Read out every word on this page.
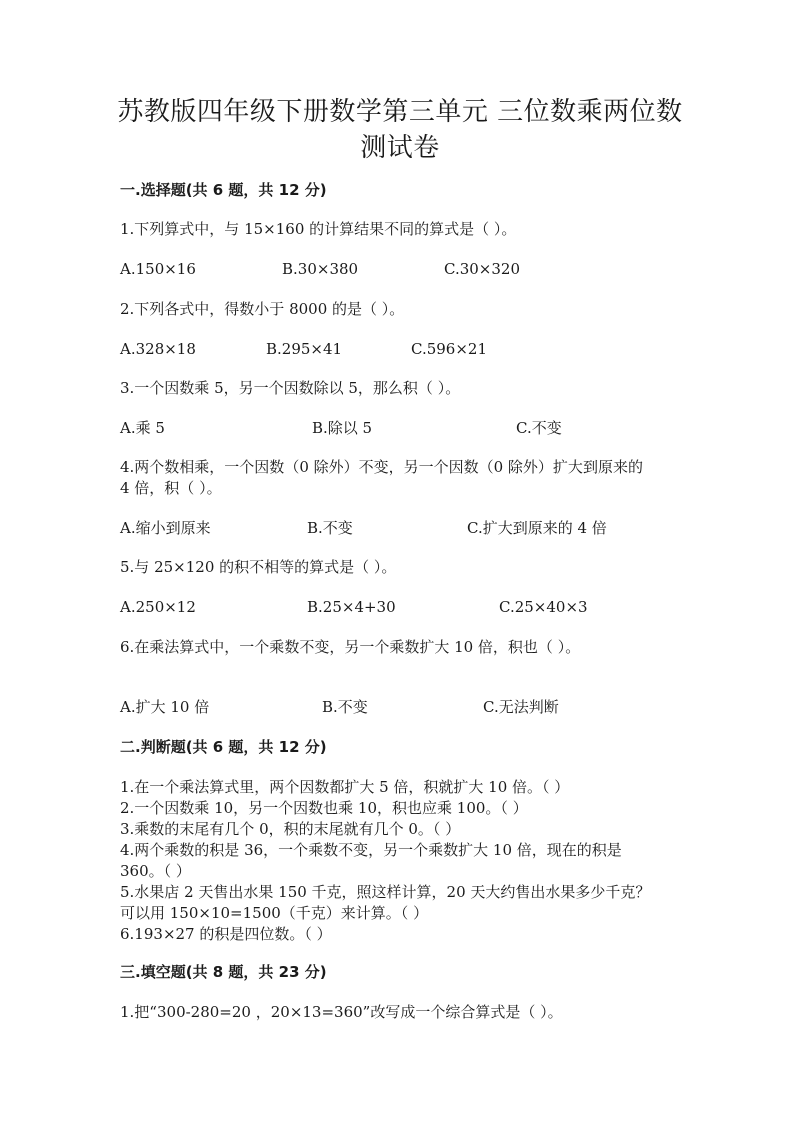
苏教版四年级下册数学第三单元 三位数乘两位数
测试卷
一.选择题(共 6 题，共 12 分)
1.下列算式中，与 15×160 的计算结果不同的算式是（ ）。
A.150×16	B.30×380	C.30×320
2.下列各式中，得数小于 8000 的是（ ）。
A.328×18	B.295×41	C.596×21
3.一个因数乘 5，另一个因数除以 5，那么积（ ）。
A.乘 5	B.除以 5	C.不变
4.两个数相乘，一个因数（0 除外）不变，另一个因数（0 除外）扩大到原来的
4 倍，积（ ）。
A.缩小到原来	B.不变	C.扩大到原来的 4 倍
5.与 25×120 的积不相等的算式是（ ）。
A.250×12	B.25×4+30	C.25×40×3
6.在乘法算式中，一个乘数不变，另一个乘数扩大 10 倍，积也（ ）。
A.扩大 10 倍	B.不变	C.无法判断
二.判断题(共 6 题，共 12 分)
1.在一个乘法算式里，两个因数都扩大 5 倍，积就扩大 10 倍。（ ）
2.一个因数乘 10，另一个因数也乘 10，积也应乘 100。（ ）
3.乘数的末尾有几个 0，积的末尾就有几个 0。（ ）
4.两个乘数的积是 36，一个乘数不变，另一个乘数扩大 10 倍，现在的积是
360。（ ）
5.水果店 2 天售出水果 150 千克，照这样计算，20 天大约售出水果多少千克？
可以用 150×10=1500（千克）来计算。（ ）
6.193×27 的积是四位数。（ ）
三.填空题(共 8 题，共 23 分)
1.把“300-280=20 ，20×13=360”改写成一个综合算式是（ ）。
